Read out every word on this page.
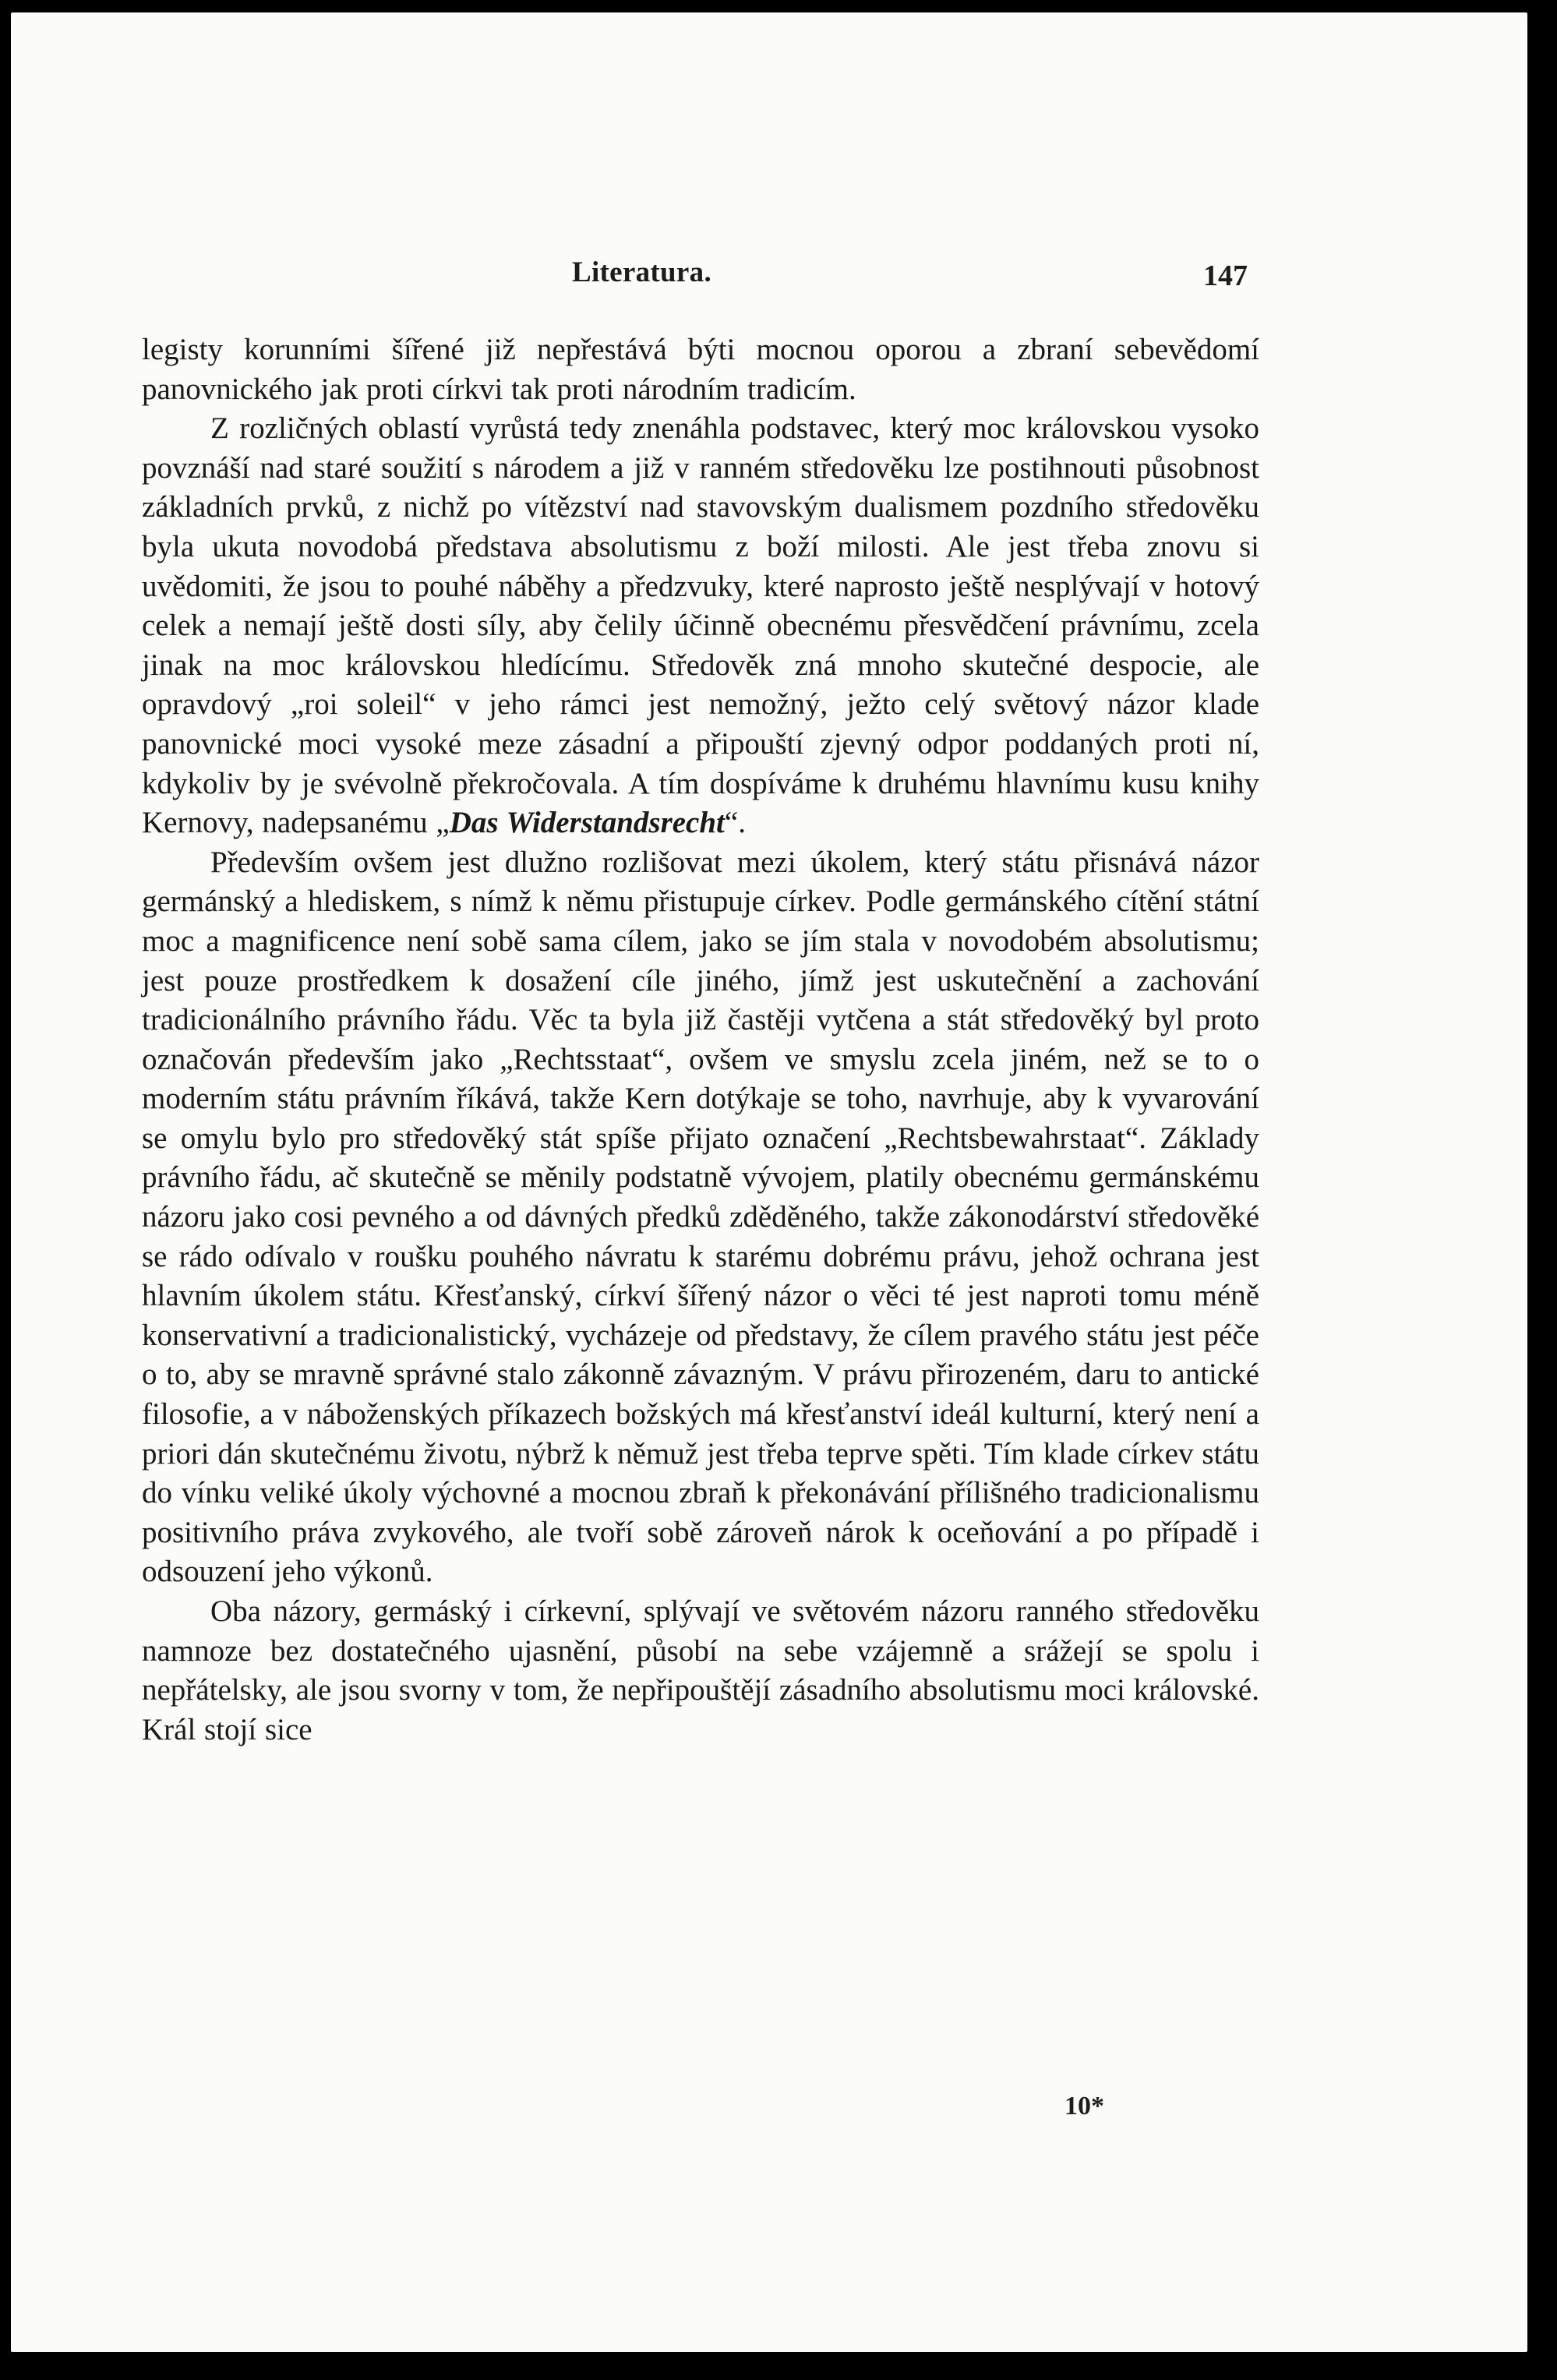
Literatura.	147

legisty korunními šířené již nepřestává býti mocnou oporou a zbraní sebevědomí panovnického jak proti církvi tak proti národním tradicím.

Z rozličných oblastí vyrůstá tedy znenáhla podstavec, který moc královskou vysoko povznáší nad staré soužití s národem a již v ranném středověku lze postihnouti působnost základních prvků, z nichž po vítězství nad stavovským dualismem pozdního středověku byla ukuta novodobá představa absolutismu z boží milosti. Ale jest třeba znovu si uvědomiti, že jsou to pouhé náběhy a předzvuky, které naprosto ještě nesplývají v hotový celek a nemají ještě dosti síly, aby čelily účinně obecnému přesvědčení právnímu, zcela jinak na moc královskou hledícímu. Středověk zná mnoho skutečné despocie, ale opravdový „roi soleil“ v jeho rámci jest nemožný, ježto celý světový názor klade panovnické moci vysoké meze zásadní a připouští zjevný odpor poddaných proti ní, kdykoliv by je svévolně překročovala. A tím dospíváme k druhému hlavnímu kusu knihy Kernovy, nadepsanému „Das Widerstandsrecht“.

Především ovšem jest dlužno rozlišovat mezi úkolem, který státu přisnává názor germánský a hlediskem, s nímž k němu přistupuje církev. Podle germánského cítění státní moc a magnificence není sobě sama cílem, jako se jím stala v novodobém absolutismu; jest pouze prostředkem k dosažení cíle jiného, jímž jest uskutečnění a zachování tradicionálního právního řádu. Věc ta byla již častěji vytčena a stát středověký byl proto označován především jako „Rechtsstaat“, ovšem ve smyslu zcela jiném, než se to o moderním státu právním říkává, takže Kern dotýkaje se toho, navrhuje, aby k vyvarování se omylu bylo pro středověký stát spíše přijato označení „Rechtsbewahrstaat“. Základy právního řádu, ač skutečně se měnily podstatně vývojem, platily obecnému germánskému názoru jako cosi pevného a od dávných předků zděděného, takže zákonodárství středověké se rádo odívalo v roušku pouhého návratu k starému dobrému právu, jehož ochrana jest hlavním úkolem státu. Křesťanský, církví šířený názor o věci té jest naproti tomu méně konservativní a tradicionalistický, vycházeje od představy, že cílem pravého státu jest péče o to, aby se mravně správné stalo zákonně závazným. V právu přirozeném, daru to antické filosofie, a v náboženských příkazech božských má křesťanství ideál kulturní, který není a priori dán skutečnému životu, nýbrž k němuž jest třeba teprve spěti. Tím klade církev státu do vínku veliké úkoly výchovné a mocnou zbraň k překonávání přílišného tradicionalismu positivního práva zvykového, ale tvoří sobě zároveň nárok k oceňování a po případě i odsouzení jeho výkonů.

Oba názory, germáský i církevní, splývají ve světovém názoru ranného středověku namnoze bez dostatečného ujasnění, působí na sebe vzájemně a srážejí se spolu i nepřátelsky, ale jsou svorny v tom, že nepřipouštějí zásadního absolutismu moci královské. Král stojí sice

10*
